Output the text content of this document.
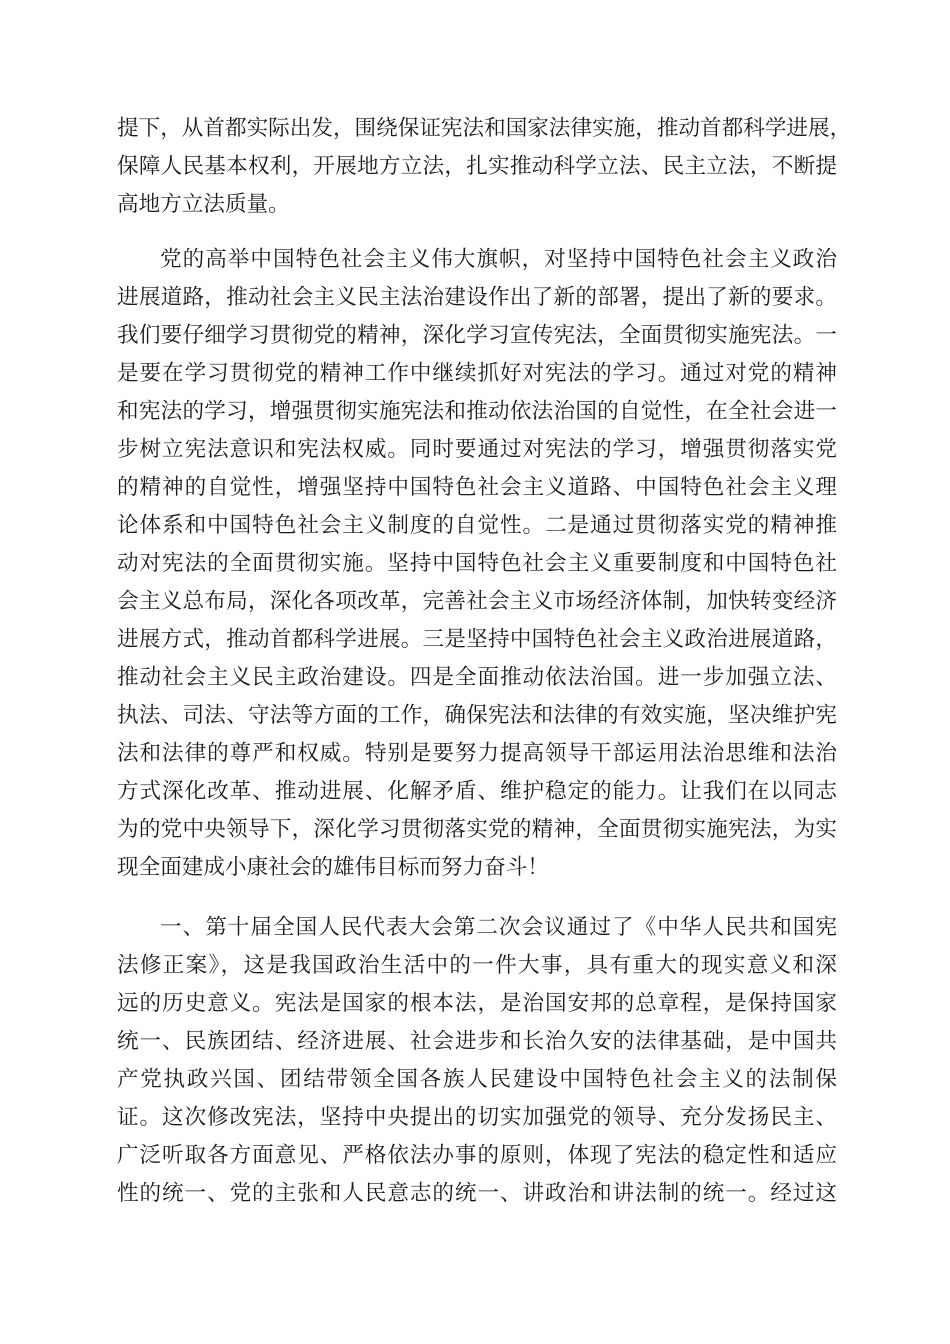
提下，从首都实际出发，围绕保证宪法和国家法律实施，推动首都科学进展，
保障人民基本权利，开展地方立法，扎实推动科学立法、民主立法，不断提
高地方立法质量。

党的高举中国特色社会主义伟大旗帜，对坚持中国特色社会主义政治
进展道路，推动社会主义民主法治建设作出了新的部署，提出了新的要求。
我们要仔细学习贯彻党的精神，深化学习宣传宪法，全面贯彻实施宪法。一
是要在学习贯彻党的精神工作中继续抓好对宪法的学习。通过对党的精神
和宪法的学习，增强贯彻实施宪法和推动依法治国的自觉性，在全社会进一
步树立宪法意识和宪法权威。同时要通过对宪法的学习，增强贯彻落实党
的精神的自觉性，增强坚持中国特色社会主义道路、中国特色社会主义理
论体系和中国特色社会主义制度的自觉性。二是通过贯彻落实党的精神推
动对宪法的全面贯彻实施。坚持中国特色社会主义重要制度和中国特色社
会主义总布局，深化各项改革，完善社会主义市场经济体制，加快转变经济
进展方式，推动首都科学进展。三是坚持中国特色社会主义政治进展道路，
推动社会主义民主政治建设。四是全面推动依法治国。进一步加强立法、
执法、司法、守法等方面的工作，确保宪法和法律的有效实施，坚决维护宪
法和法律的尊严和权威。特别是要努力提高领导干部运用法治思维和法治
方式深化改革、推动进展、化解矛盾、维护稳定的能力。让我们在以同志
为的党中央领导下，深化学习贯彻落实党的精神，全面贯彻实施宪法，为实
现全面建成小康社会的雄伟目标而努力奋斗！

一、第十届全国人民代表大会第二次会议通过了《中华人民共和国宪
法修正案》，这是我国政治生活中的一件大事，具有重大的现实意义和深
远的历史意义。宪法是国家的根本法，是治国安邦的总章程，是保持国家
统一、民族团结、经济进展、社会进步和长治久安的法律基础，是中国共
产党执政兴国、团结带领全国各族人民建设中国特色社会主义的法制保
证。这次修改宪法，坚持中央提出的切实加强党的领导、充分发扬民主、
广泛听取各方面意见、严格依法办事的原则，体现了宪法的稳定性和适应
性的统一、党的主张和人民意志的统一、讲政治和讲法制的统一。经过这
